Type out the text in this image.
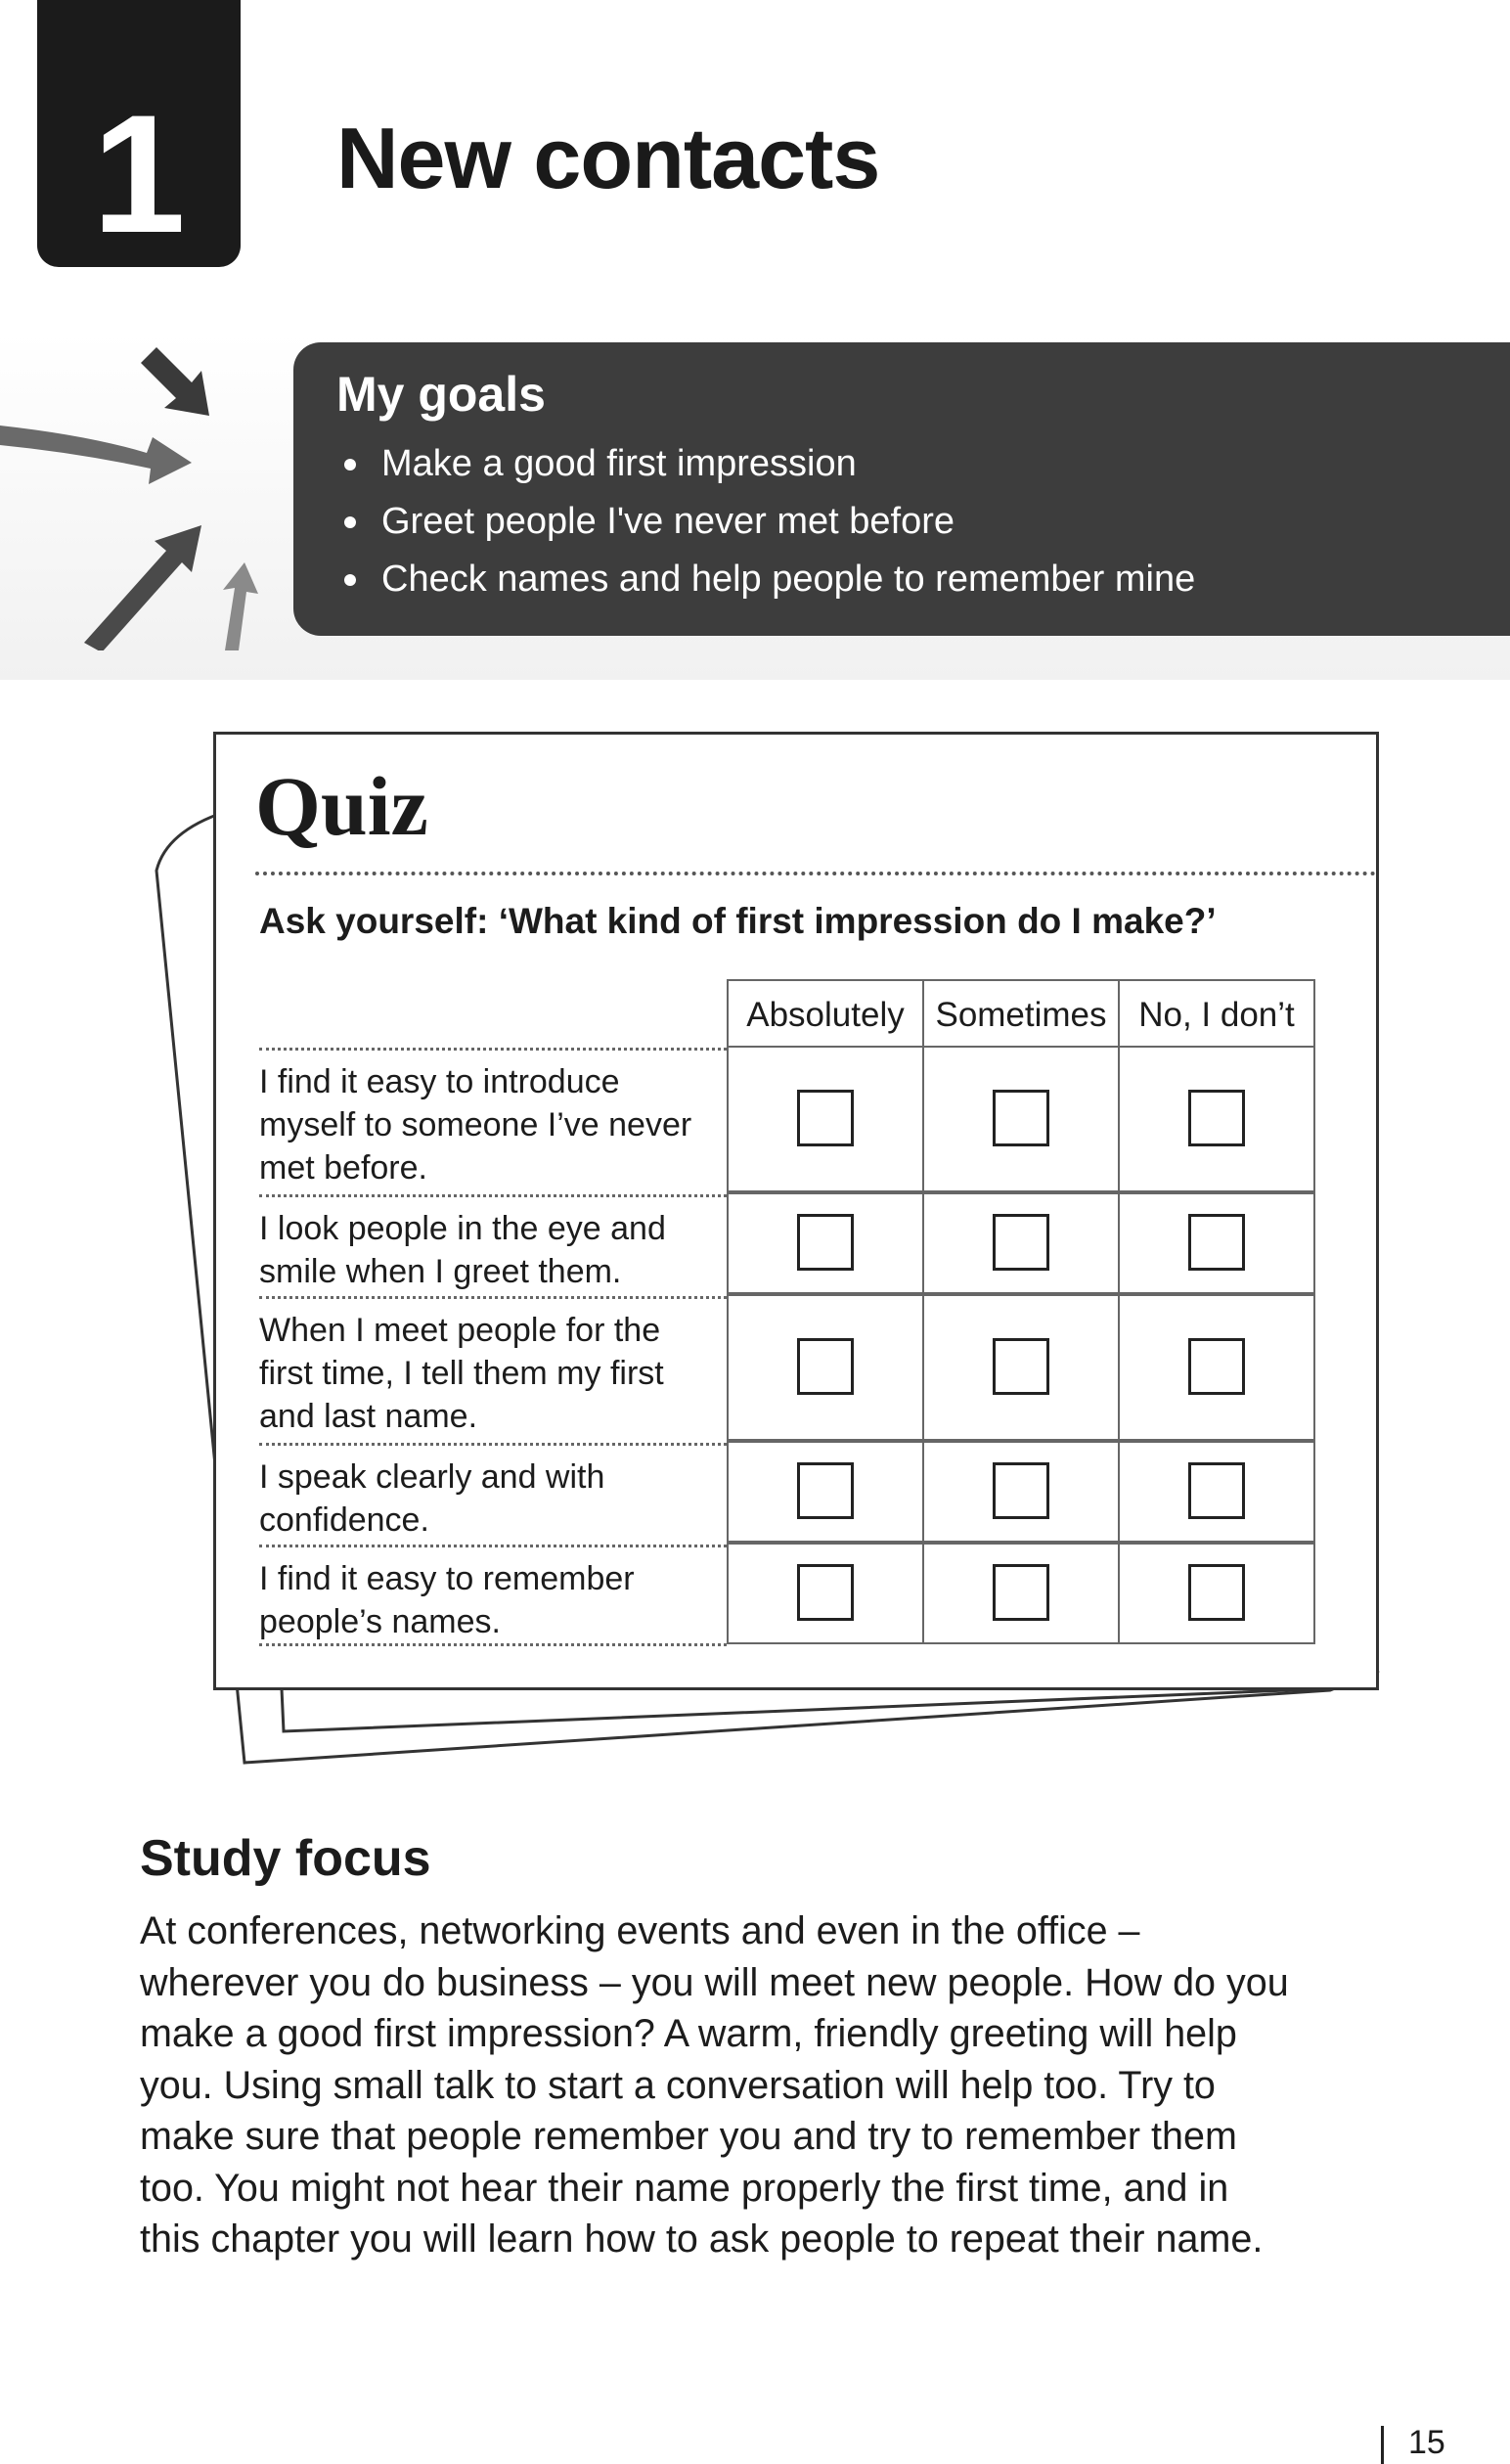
1	New contacts
My goals
Make a good first impression
Greet people I've never met before
Check names and help people to remember mine
Quiz

Ask yourself: ‘What kind of first impression do I make?’

Absolutely Sometimes No, I don’t
I find it easy to introduce myself to someone I’ve never met before.
I look people in the eye and smile when I greet them.
When I meet people for the first time, I tell them my first and last name.
I speak clearly and with confidence.
I find it easy to remember people’s names.
Study focus

At conferences, networking events and even in the office –
wherever you do business – you will meet new people. How do you
make a good first impression? A warm, friendly greeting will help
you. Using small talk to start a conversation will help too. Try to
make sure that people remember you and try to remember them
too. You might not hear their name properly the first time, and in
this chapter you will learn how to ask people to repeat their name.

15
